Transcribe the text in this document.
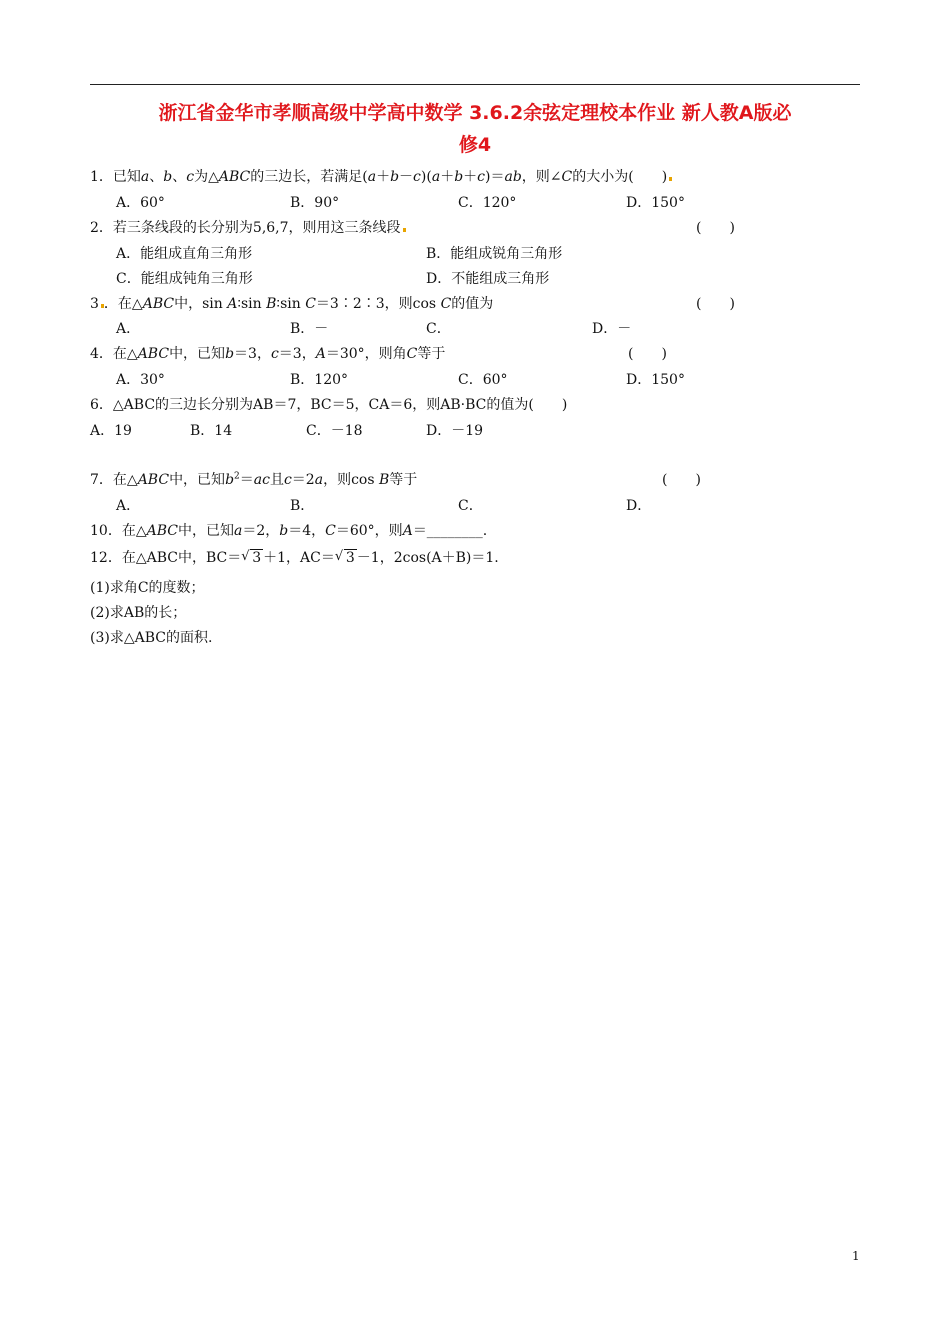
浙江省金华市孝顺高级中学高中数学 3.6.2余弦定理校本作业 新人教A版必
修4
1．已知a、b、c为△ABC的三边长，若满足(a＋b－c)(a＋b＋c)＝ab，则∠C的大小为(　　)
A．60°	B．90°	C．120°	D．150°
2．若三条线段的长分别为5,6,7，则用这三条线段	(　　)
A．能组成直角三角形	B．能组成锐角三角形
C．能组成钝角三角形	D．不能组成三角形
3 ．在△ABC中，sin A∶sin B∶sin C＝3∶2∶3，则cos C的值为	(　　)
A．	B．－	C．	D．－
4．在△ABC中，已知b＝3，c＝3，A＝30°，则角C等于	(　　)
A．30°	B．120°	C．60°	D．150°
6．△ABC的三边长分别为AB＝7，BC＝5，CA＝6，则AB·BC的值为(　　)
A．19	B．14	C．－18	D．－19
7．在△ABC中，已知$b^2=ac$且c＝2a，则cos B等于	(　　)
A．	B．	C．	D．
10．在△ABC中，已知a＝2，b＝4，C＝60°，则A＝________.
12．在△ABC中，BC＝ √ 3 ＋1，AC＝ √ 3 －1，2cos(A＋B)＝1.
(1)求角C的度数；
(2)求AB的长；
(3)求△ABC的面积.
1
